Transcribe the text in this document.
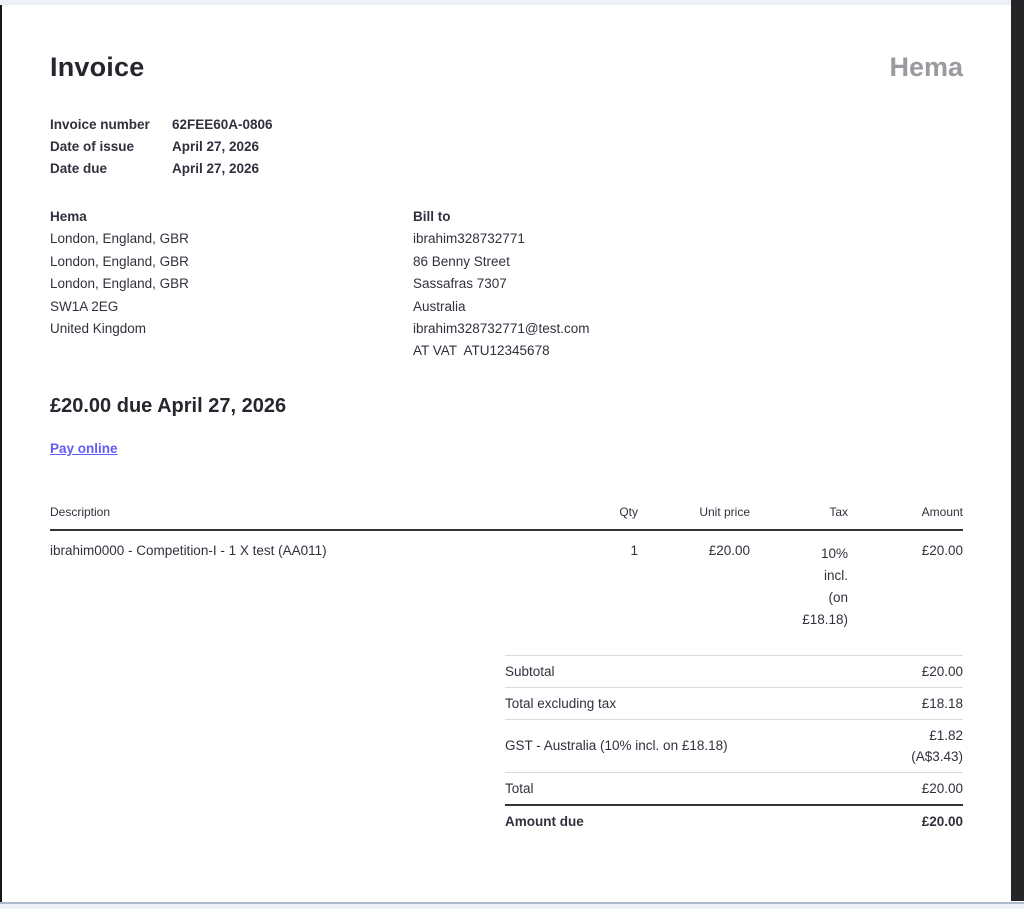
Invoice	Hema
Invoice number	62FEE60A-0806
Date of issue	April 27, 2026
Date due	April 27, 2026
Hema
London, England, GBR
London, England, GBR
London, England, GBR
SW1A 2EG
United Kingdom
Bill to
ibrahim328732771
86 Benny Street
Sassafras 7307
Australia
ibrahim328732771@test.com
AT VAT  ATU12345678
£20.00 due April 27, 2026
Pay online
Description	Qty	Unit price	Tax	Amount
ibrahim0000 - Competition-I - 1 X test (AA011)	1	£20.00	10%
incl.
(on
£18.18)	£20.00
Subtotal	£20.00
Total excluding tax	£18.18
GST - Australia (10% incl. on £18.18)	£1.82
(A$3.43)

Total	£20.00
Amount due	£20.00
